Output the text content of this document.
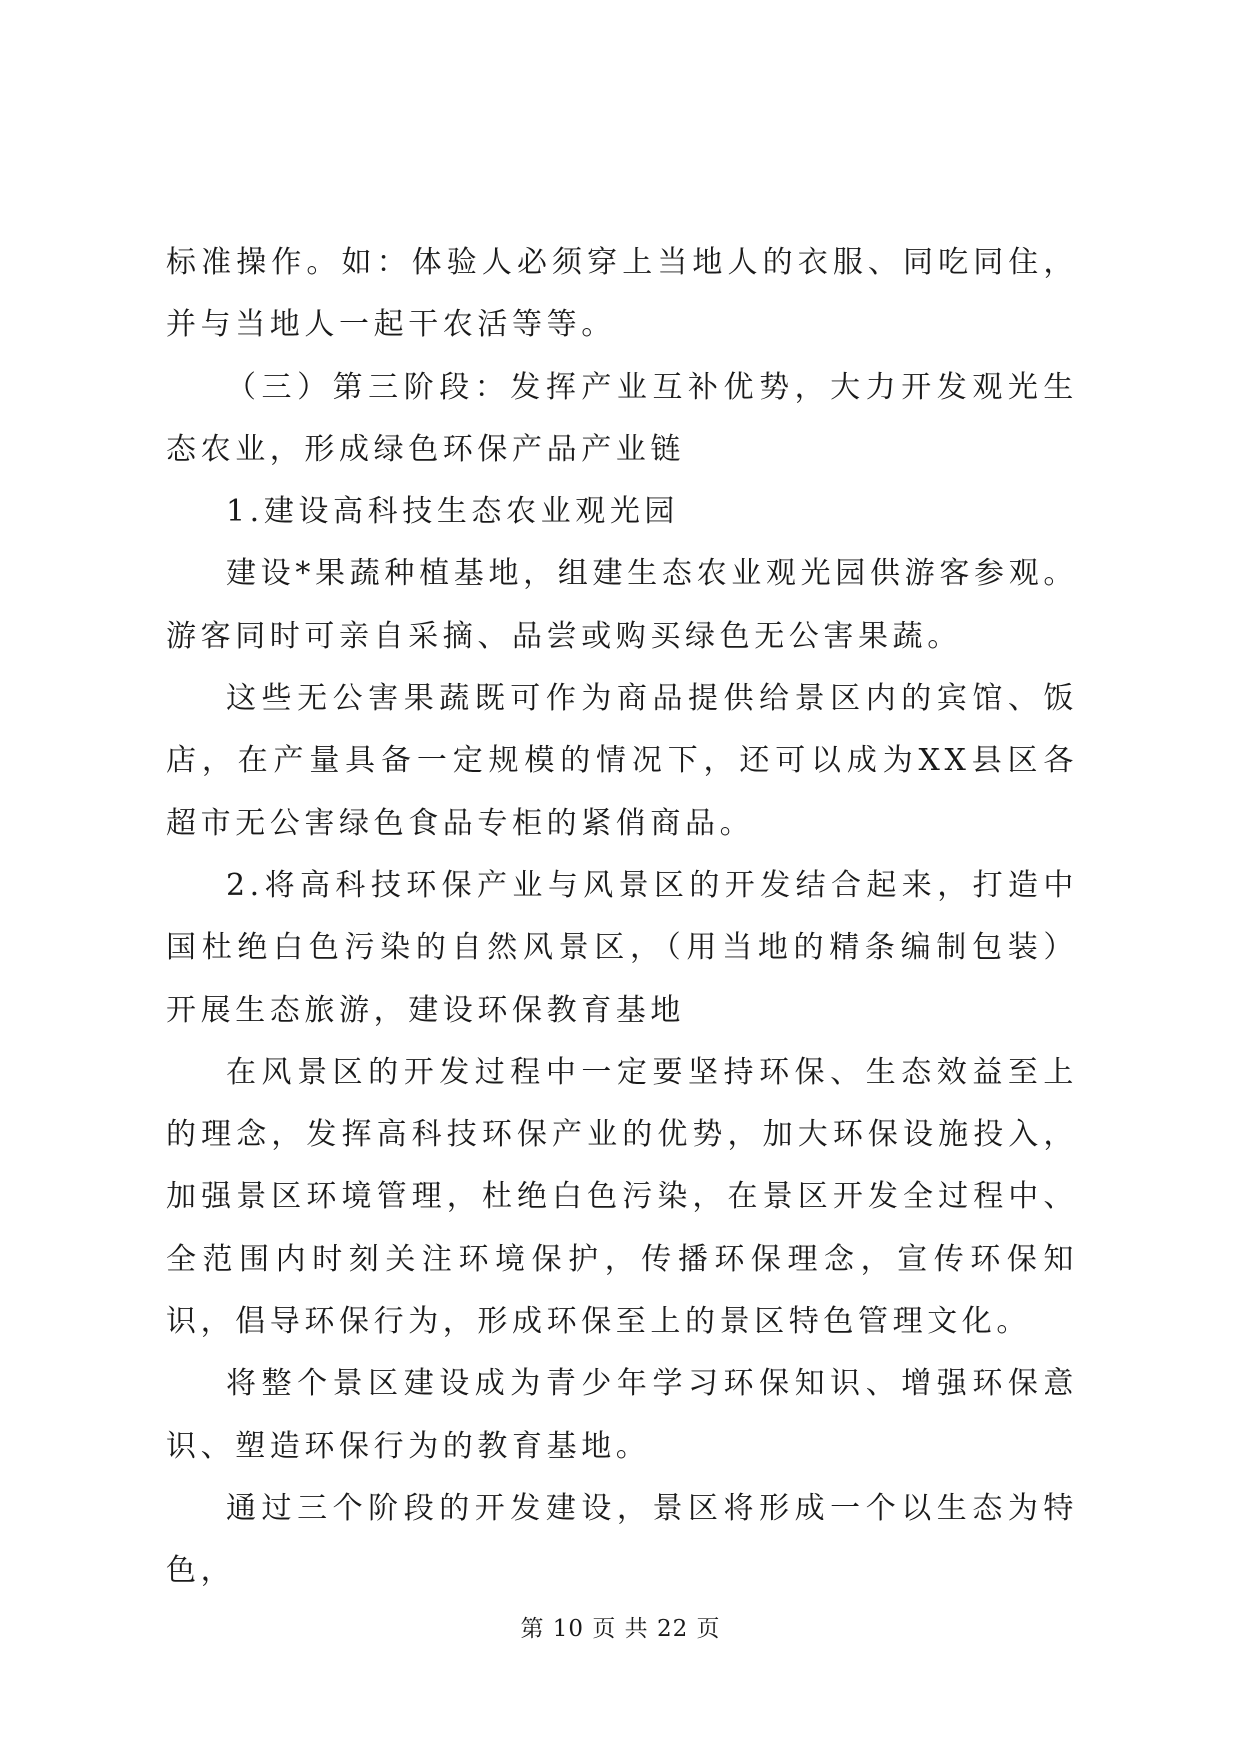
标准操作。如：体验人必须穿上当地人的衣服、同吃同住，并与当地人一起干农活等等。

（三）第三阶段：发挥产业互补优势，大力开发观光生态农业，形成绿色环保产品产业链

1.建设高科技生态农业观光园

建设*果蔬种植基地，组建生态农业观光园供游客参观。游客同时可亲自采摘、品尝或购买绿色无公害果蔬。

这些无公害果蔬既可作为商品提供给景区内的宾馆、饭店，在产量具备一定规模的情况下，还可以成为XX县区各超市无公害绿色食品专柜的紧俏商品。

2.将高科技环保产业与风景区的开发结合起来，打造中国杜绝白色污染的自然风景区，（用当地的精条编制包装）开展生态旅游，建设环保教育基地

在风景区的开发过程中一定要坚持环保、生态效益至上的理念，发挥高科技环保产业的优势，加大环保设施投入，加强景区环境管理，杜绝白色污染，在景区开发全过程中、全范围内时刻关注环境保护，传播环保理念，宣传环保知识，倡导环保行为，形成环保至上的景区特色管理文化。

将整个景区建设成为青少年学习环保知识、增强环保意识、塑造环保行为的教育基地。

通过三个阶段的开发建设，景区将形成一个以生态为特色，

第 10 页 共 22 页
